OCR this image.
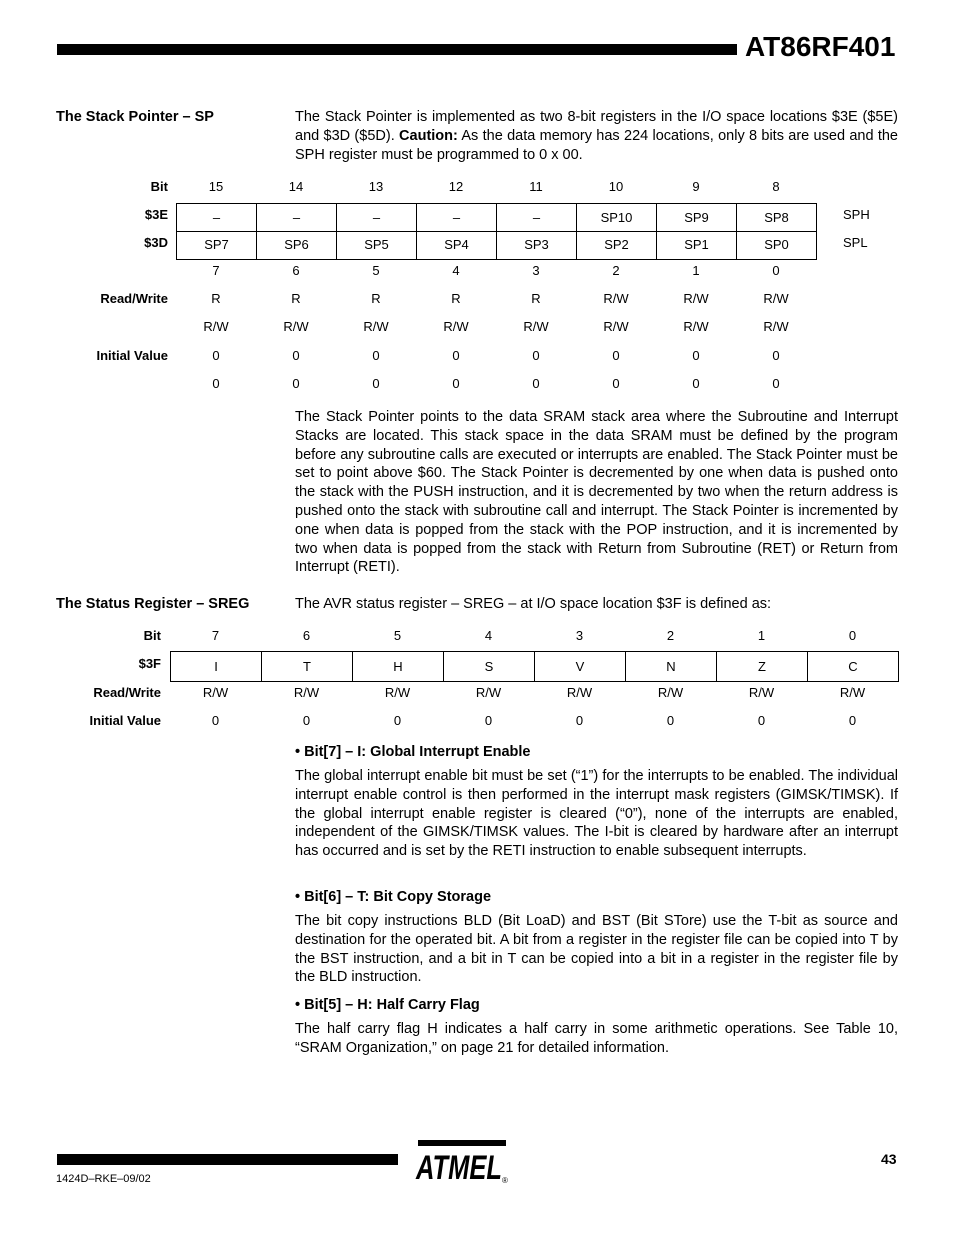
AT86RF401
The Stack Pointer – SP	The Stack Pointer is implemented as two 8-bit registers in the I/O space locations $3E ($5E) and $3D ($5D). Caution: As the data memory has 224 locations, only 8 bits are used and the SPH register must be programmed to 0 x 00.
Bit	15	14	13	12	11	10	9	8
$3E	–	–	–	–	–	SP10	SP9	SP8	SPH
$3D	SP7	SP6	SP5	SP4	SP3	SP2	SP1	SP0	SPL
7	6	5	4	3	2	1	0
Read/Write	R	R	R	R	R	R/W	R/W	R/W
R/W	R/W	R/W	R/W	R/W	R/W	R/W	R/W
Initial Value	0	0	0	0	0	0	0	0
0	0	0	0	0	0	0	0
The Stack Pointer points to the data SRAM stack area where the Subroutine and Interrupt Stacks are located. This stack space in the data SRAM must be defined by the program before any subroutine calls are executed or interrupts are enabled. The Stack Pointer must be set to point above $60. The Stack Pointer is decremented by one when data is pushed onto the stack with the PUSH instruction, and it is decremented by two when the return address is pushed onto the stack with subroutine call and interrupt. The Stack Pointer is incremented by one when data is popped from the stack with the POP instruction, and it is incremented by two when data is popped from the stack with Return from Subroutine (RET) or Return from Interrupt (RETI).
The Status Register – SREG	The AVR status register – SREG – at I/O space location $3F is defined as:
Bit	7	6	5	4	3	2	1	0
$3F	I	T	H	S	V	N	Z	C
Read/Write	R/W	R/W	R/W	R/W	R/W	R/W	R/W	R/W
Initial Value	0	0	0	0	0	0	0	0
• Bit[7] – I: Global Interrupt Enable
The global interrupt enable bit must be set (“1”) for the interrupts to be enabled. The individual interrupt enable control is then performed in the interrupt mask registers (GIMSK/TIMSK). If the global interrupt enable register is cleared (“0”), none of the interrupts are enabled, independent of the GIMSK/TIMSK values. The I-bit is cleared by hardware after an interrupt has occurred and is set by the RETI instruction to enable subsequent interrupts.
• Bit[6] – T: Bit Copy Storage
The bit copy instructions BLD (Bit LoaD) and BST (Bit STore) use the T-bit as source and destination for the operated bit. A bit from a register in the register file can be copied into T by the BST instruction, and a bit in T can be copied into a bit in a register in the register file by the BLD instruction.
• Bit[5] – H: Half Carry Flag
The half carry flag H indicates a half carry in some arithmetic operations. See Table 10, “SRAM Organization,” on page 21 for detailed information.
1424D–RKE–09/02
43
ATMEL ®
